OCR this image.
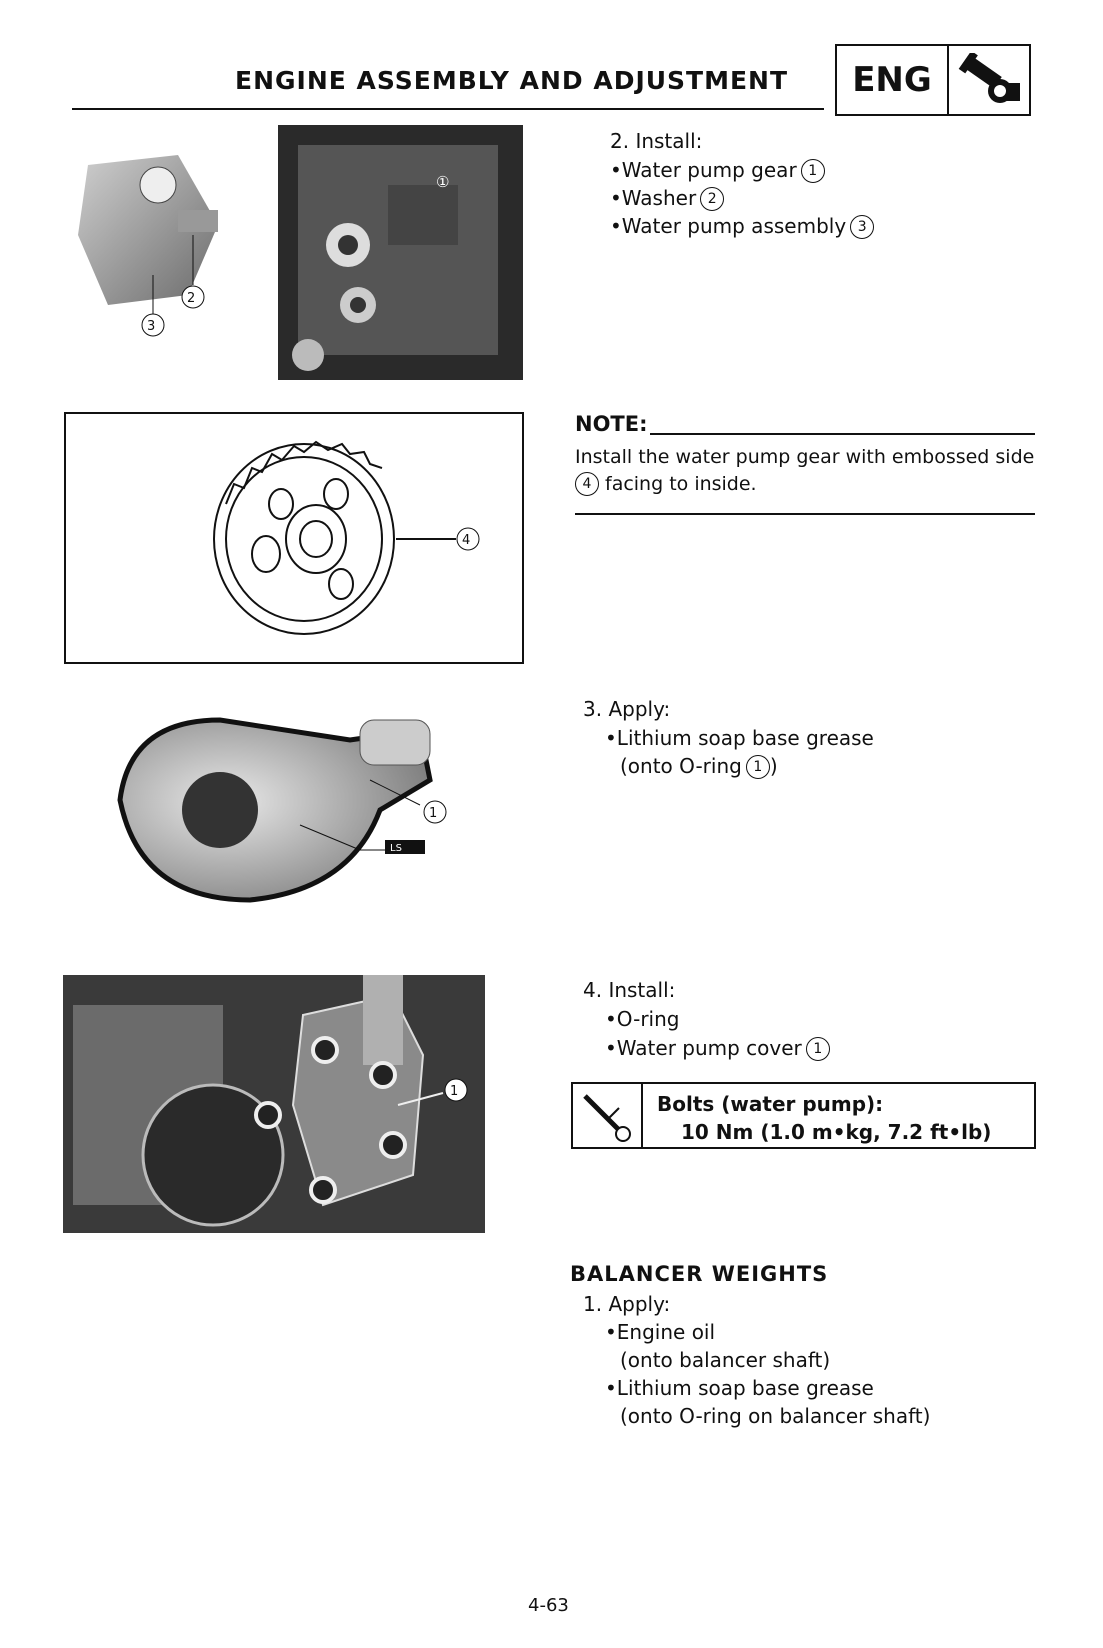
ENGINE ASSEMBLY AND ADJUSTMENT	ENG
①
2
3
2. Install:
•Water pump gear 1
•Washer 2
•Water pump assembly 3
4
NOTE:
Install the water pump gear with embossed side
4 facing to inside.
1
LS
3. Apply:
•Lithium soap base grease
(onto O-ring 1 )
1
4. Install:
•O-ring
•Water pump cover 1
Bolts (water pump):
10 Nm (1.0 m•kg, 7.2 ft•lb)
BALANCER WEIGHTS
1. Apply:
•Engine oil
(onto balancer shaft)
•Lithium soap base grease
(onto O-ring on balancer shaft)
4-63
